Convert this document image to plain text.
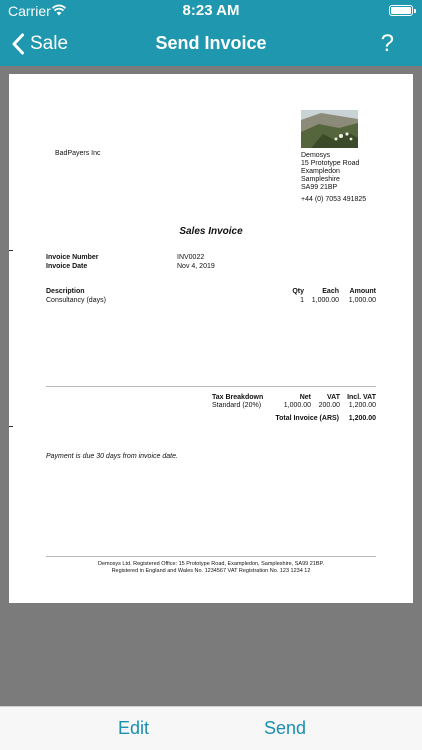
Carrier	8:23 AM
Sale	Send Invoice	?
BadPayers Inc	Demosys
15 Prototype Road
Exampledon
Sampleshire
SA99 21BP
+44 (0) 7053 491825
Sales Invoice
Invoice Number	INV0022
Invoice Date	Nov 4, 2019
Description	Qty	Each	Amount
Consultancy (days)	1	1,000.00	1,000.00
Tax Breakdown	Net	VAT	Incl. VAT
Standard (20%)	1,000.00	200.00	1,200.00
Total Invoice (ARS)	1,200.00
Payment is due 30 days from invoice date.
Demosys Ltd. Registered Office: 15 Prototype Road, Exampledon, Sampleshire, SA99 21BP.
Registered in England and Wales No. 1234567 VAT Registration No. 123 1234 12
Edit	Send
